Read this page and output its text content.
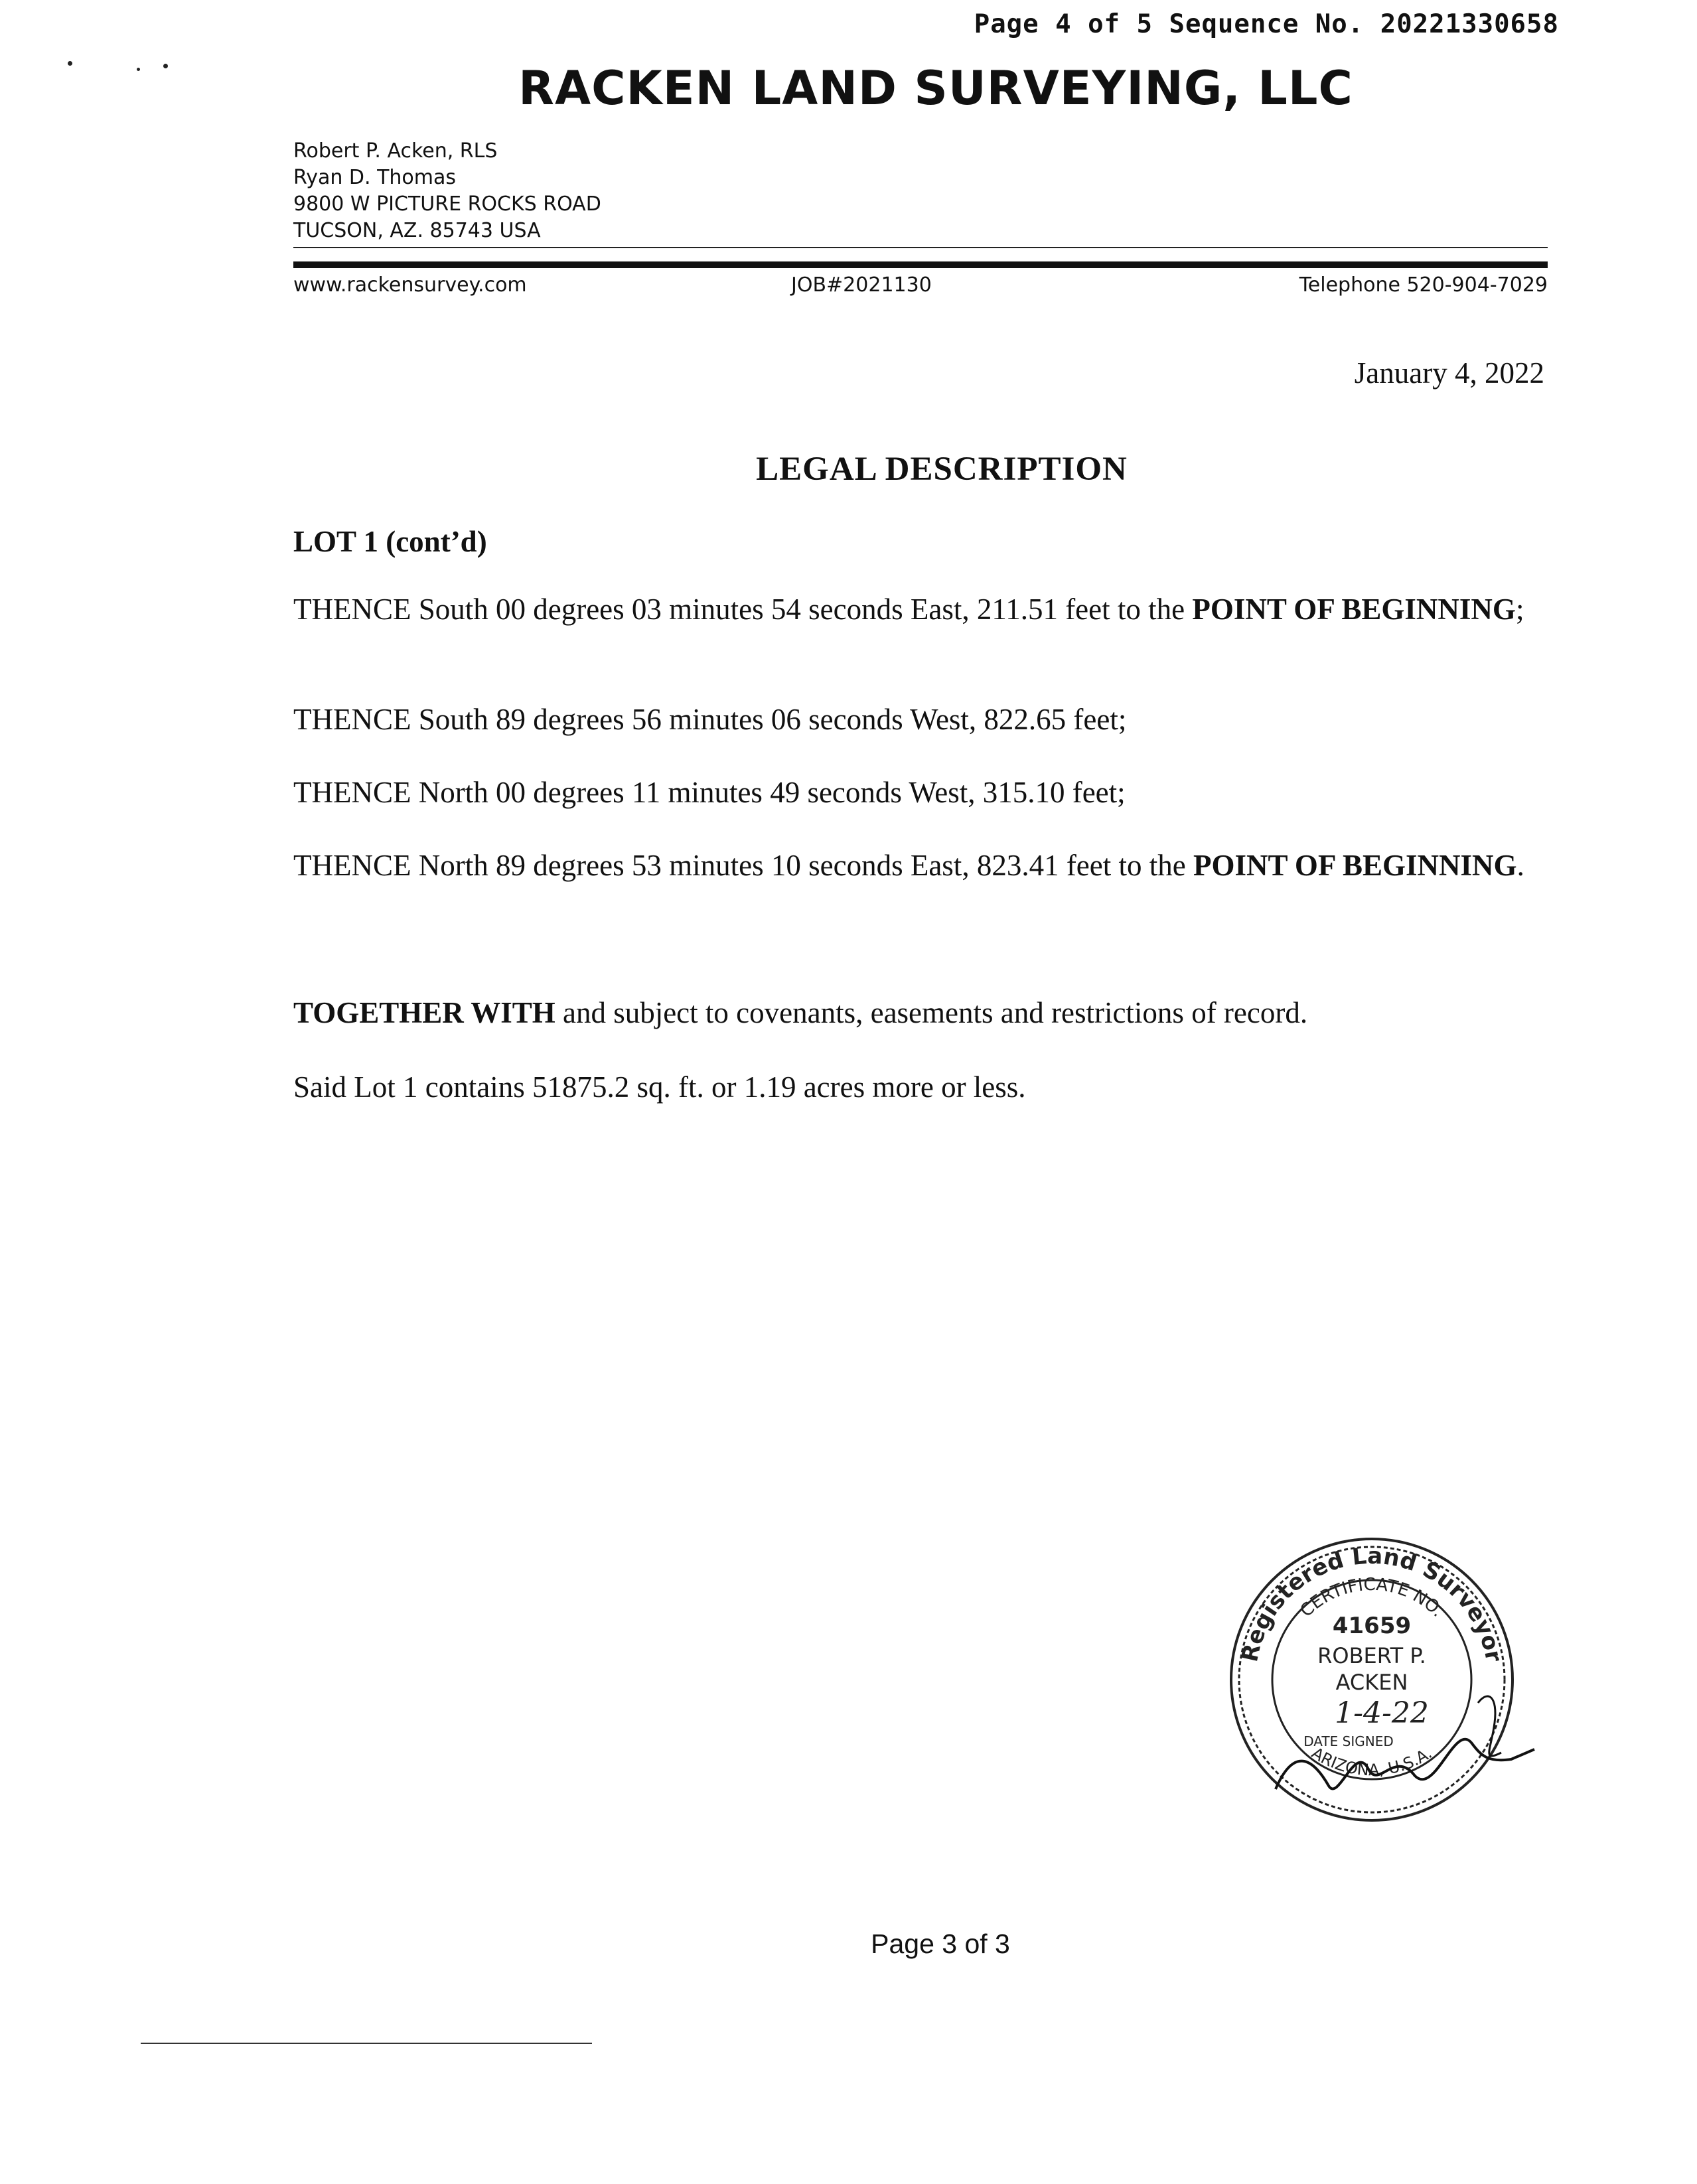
Page 4 of 5 Sequence No. 20221330658
RACKEN LAND SURVEYING, LLC
Robert P. Acken, RLS
Ryan D. Thomas
9800 W PICTURE ROCKS ROAD
TUCSON, AZ. 85743 USA
www.rackensurvey.com	JOB#2021130	Telephone 520-904-7029
January 4, 2022
LEGAL DESCRIPTION
LOT 1 (cont’d)
THENCE South 00 degrees 03 minutes 54 seconds East, 211.51 feet to the POINT OF BEGINNING;
THENCE South 89 degrees 56 minutes 06 seconds West, 822.65 feet;
THENCE North 00 degrees 11 minutes 49 seconds West, 315.10 feet;
THENCE North 89 degrees 53 minutes 10 seconds East, 823.41 feet to the POINT OF BEGINNING.
TOGETHER WITH and subject to covenants, easements and restrictions of record.
Said Lot 1 contains 51875.2 sq. ft. or 1.19 acres more or less.
Registered Land Surveyor
CERTIFICATE NO.
41659
ROBERT P.
ACKEN
1-4-22
DATE SIGNED
ARIZONA, U.S.A.
Page 3 of 3
